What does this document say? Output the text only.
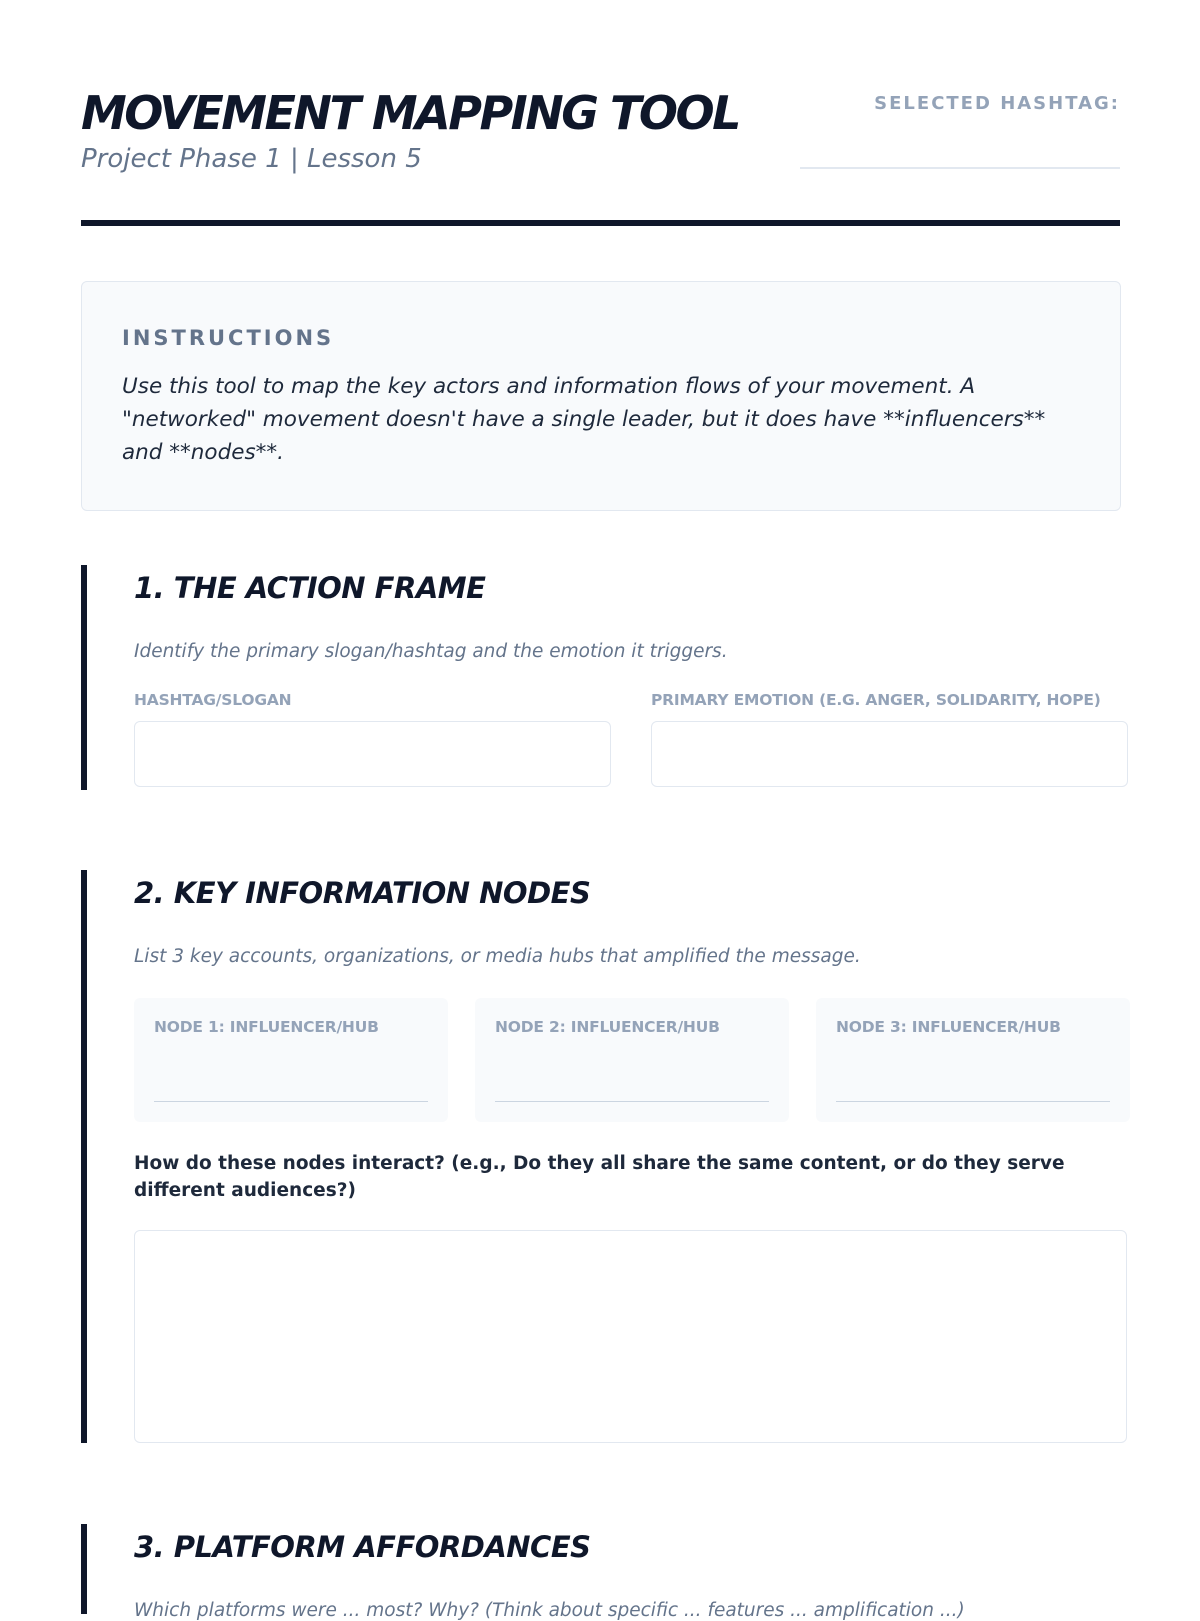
MOVEMENT MAPPING TOOL
Project Phase 1 | Lesson 5
SELECTED HASHTAG:
INSTRUCTIONS
Use this tool to map the key actors and information flows of your movement. A "networked" movement doesn't have a single leader, but it does have **influencers** and **nodes**.
1. THE ACTION FRAME
Identify the primary slogan/hashtag and the emotion it triggers.
HASHTAG/SLOGAN	PRIMARY EMOTION (E.G. ANGER, SOLIDARITY, HOPE)
2. KEY INFORMATION NODES
List 3 key accounts, organizations, or media hubs that amplified the message.
NODE 1: INFLUENCER/HUB	NODE 2: INFLUENCER/HUB	NODE 3: INFLUENCER/HUB
How do these nodes interact? (e.g., Do they all share the same content, or do they serve different audiences?)
3. PLATFORM AFFORDANCES
Which platforms were ... most? Why? (Think about specific ... features ... amplification ...)
